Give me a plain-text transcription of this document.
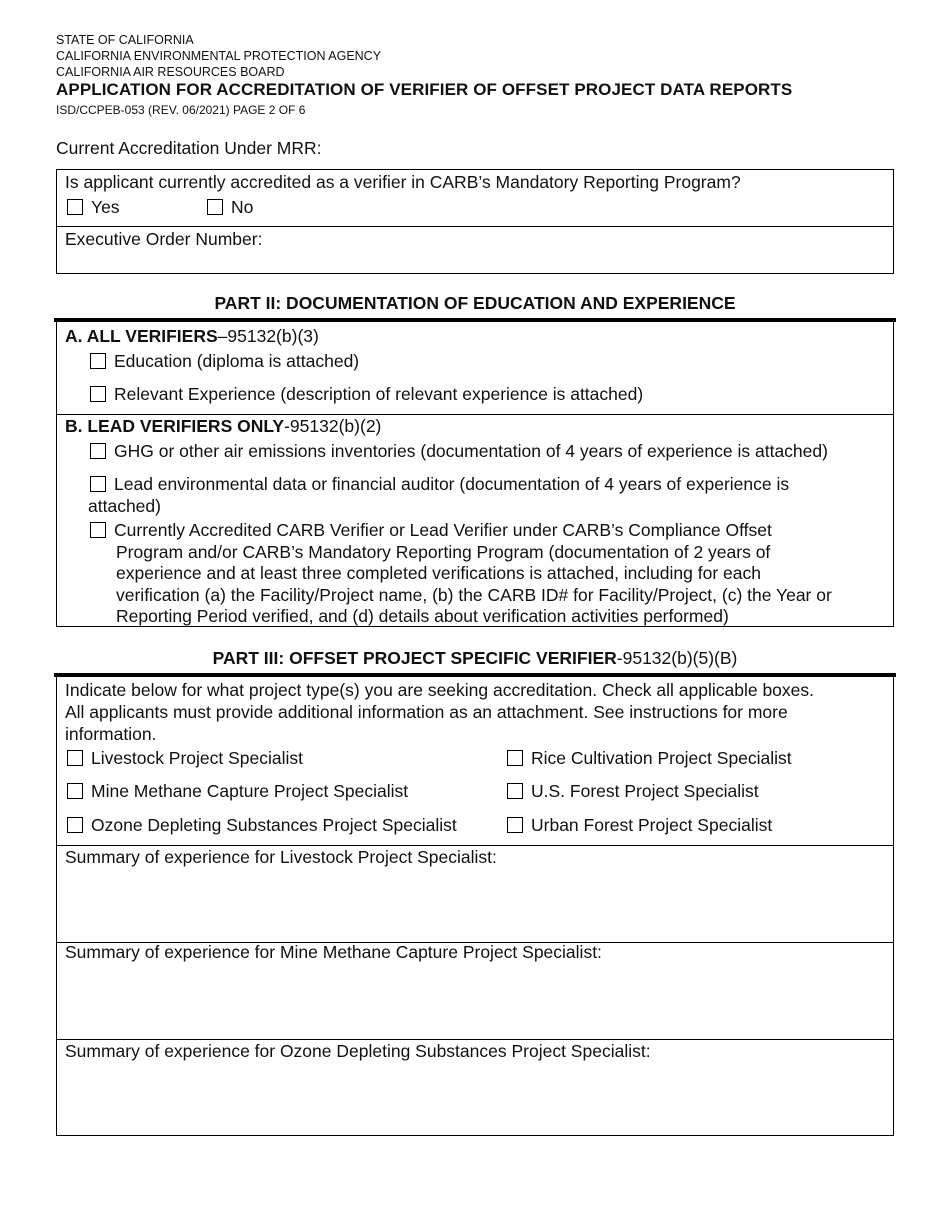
STATE OF CALIFORNIA
CALIFORNIA ENVIRONMENTAL PROTECTION AGENCY
CALIFORNIA AIR RESOURCES BOARD
APPLICATION FOR ACCREDITATION OF VERIFIER OF OFFSET PROJECT DATA REPORTS
ISD/CCPEB-053 (REV. 06/2021) PAGE 2 OF 6
Current Accreditation Under MRR:
Is applicant currently accredited as a verifier in CARB’s Mandatory Reporting Program?
Yes	No
Executive Order Number:
PART II: DOCUMENTATION OF EDUCATION AND EXPERIENCE
A. ALL VERIFIERS–95132(b)(3)
Education (diploma is attached)
Relevant Experience (description of relevant experience is attached)
B. LEAD VERIFIERS ONLY-95132(b)(2)
GHG or other air emissions inventories (documentation of 4 years of experience is attached)
Lead environmental data or financial auditor (documentation of 4 years of experience is
attached)
Currently Accredited CARB Verifier or Lead Verifier under CARB’s Compliance Offset
Program and/or CARB’s Mandatory Reporting Program (documentation of 2 years of
experience and at least three completed verifications is attached, including for each
verification (a) the Facility/Project name, (b) the CARB ID# for Facility/Project, (c) the Year or
Reporting Period verified, and (d) details about verification activities performed)
PART III: OFFSET PROJECT SPECIFIC VERIFIER-95132(b)(5)(B)
Indicate below for what project type(s) you are seeking accreditation. Check all applicable boxes.
All applicants must provide additional information as an attachment. See instructions for more
information.
Livestock Project Specialist	Rice Cultivation Project Specialist
Mine Methane Capture Project Specialist	U.S. Forest Project Specialist
Ozone Depleting Substances Project Specialist	Urban Forest Project Specialist
Summary of experience for Livestock Project Specialist:
Summary of experience for Mine Methane Capture Project Specialist:
Summary of experience for Ozone Depleting Substances Project Specialist:
